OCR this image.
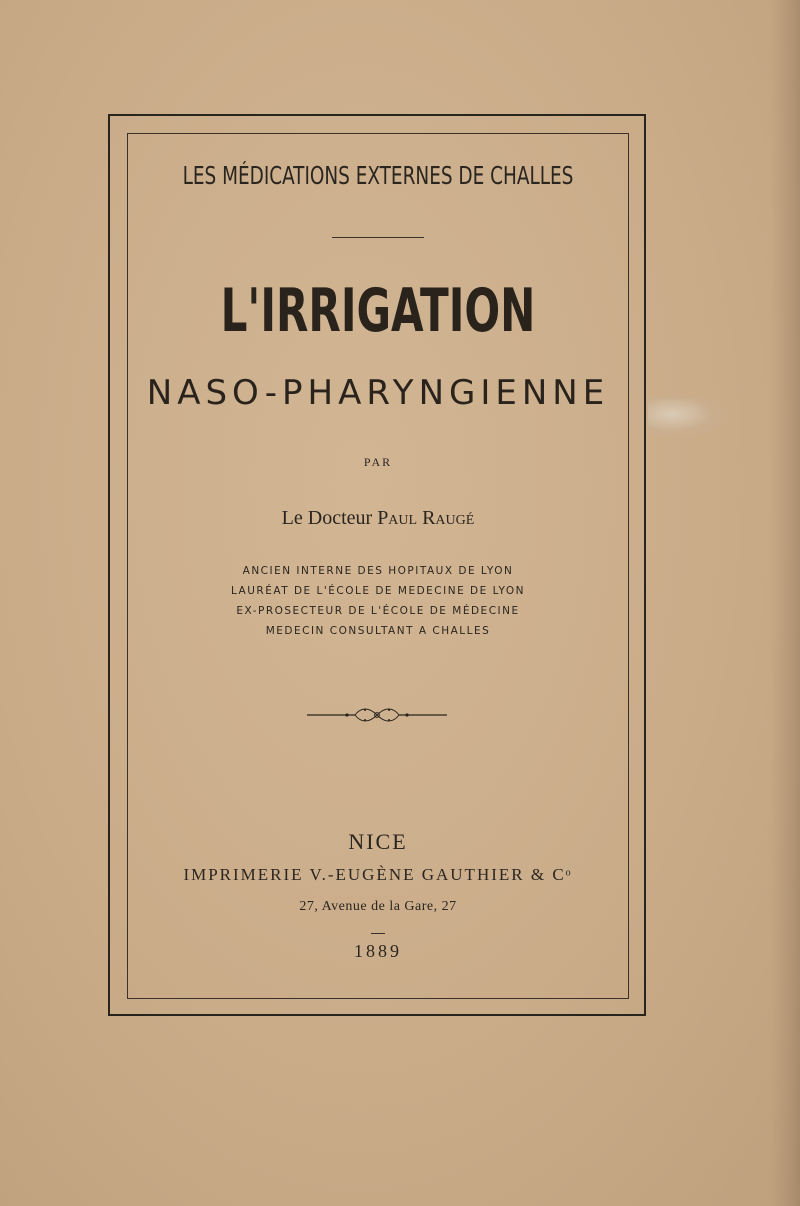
LES MÉDICATIONS EXTERNES DE CHALLES
L'IRRIGATION
NASO-PHARYNGIENNE
PAR
Le Docteur Paul Raugé
ANCIEN INTERNE DES HOPITAUX DE LYON
LAURÉAT DE L'ÉCOLE DE MEDECINE DE LYON
EX-PROSECTEUR DE L'ÉCOLE DE MÉDECINE
MEDECIN CONSULTANT A CHALLES
NICE
IMPRIMERIE V.-EUGÈNE GAUTHIER & Cᵒ
27, Avenue de la Gare, 27
1889
